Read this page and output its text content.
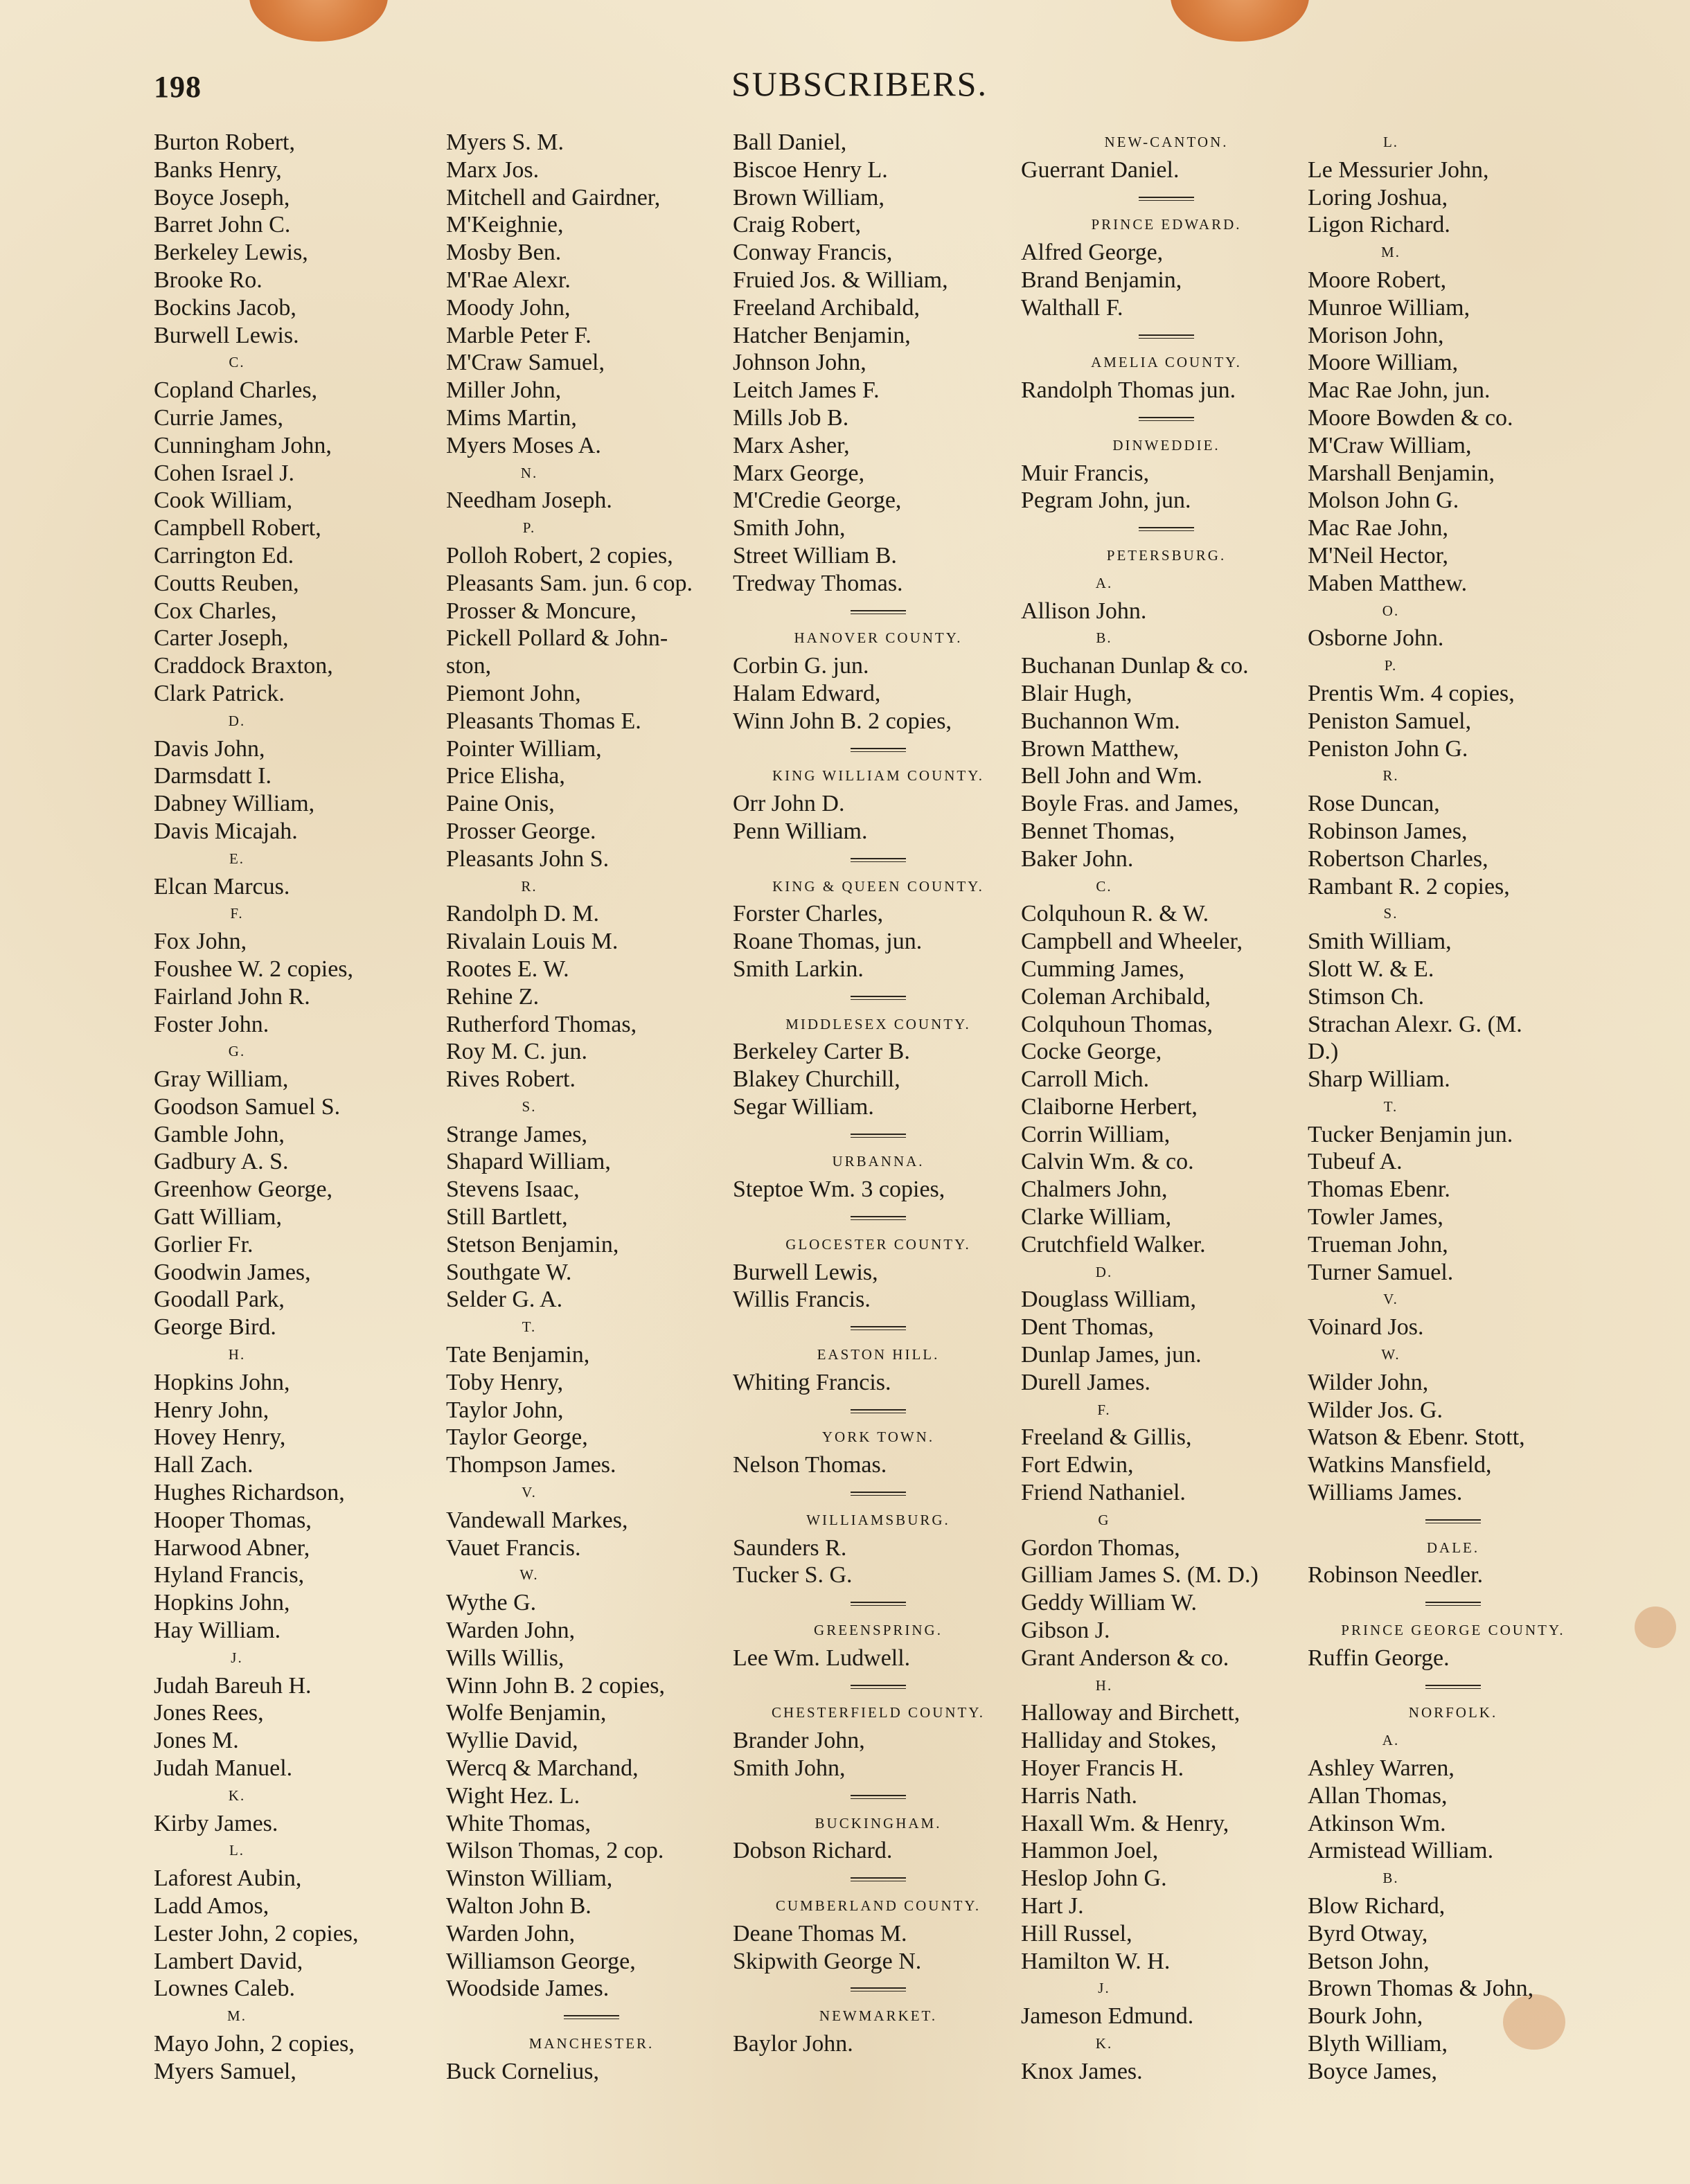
198	SUBSCRIBERS.
Burton Robert,
Banks Henry,
Boyce Joseph,
Barret John C.
Berkeley Lewis,
Brooke Ro.
Bockins Jacob,
Burwell Lewis.
C.
Copland Charles,
Currie James,
Cunningham John,
Cohen Israel J.
Cook William,
Campbell Robert,
Carrington Ed.
Coutts Reuben,
Cox Charles,
Carter Joseph,
Craddock Braxton,
Clark Patrick.
D.
Davis John,
Darmsdatt I.
Dabney William,
Davis Micajah.
E.
Elcan Marcus.
F.
Fox John,
Foushee W. 2 copies,
Fairland John R.
Foster John.
G.
Gray William,
Goodson Samuel S.
Gamble John,
Gadbury A. S.
Greenhow George,
Gatt William,
Gorlier Fr.
Goodwin James,
Goodall Park,
George Bird.
H.
Hopkins John,
Henry John,
Hovey Henry,
Hall Zach.
Hughes Richardson,
Hooper Thomas,
Harwood Abner,
Hyland Francis,
Hopkins John,
Hay William.
J.
Judah Bareuh H.
Jones Rees,
Jones M.
Judah Manuel.
K.
Kirby James.
L.
Laforest Aubin,
Ladd Amos,
Lester John, 2 copies,
Lambert David,
Lownes Caleb.
M.
Mayo John, 2 copies,
Myers Samuel,
Myers S. M.
Marx Jos.
Mitchell and Gairdner,
M'Keighnie,
Mosby Ben.
M'Rae Alexr.
Moody John,
Marble Peter F.
M'Craw Samuel,
Miller John,
Mims Martin,
Myers Moses A.
N.
Needham Joseph.
P.
Polloh Robert, 2 copies,
Pleasants Sam. jun. 6 cop.
Prosser & Moncure,
Pickell Pollard & John-
ston,
Piemont John,
Pleasants Thomas E.
Pointer William,
Price Elisha,
Paine Onis,
Prosser George.
Pleasants John S.
R.
Randolph D. M.
Rivalain Louis M.
Rootes E. W.
Rehine Z.
Rutherford Thomas,
Roy M. C. jun.
Rives Robert.
S.
Strange James,
Shapard William,
Stevens Isaac,
Still Bartlett,
Stetson Benjamin,
Southgate W.
Selder G. A.
T.
Tate Benjamin,
Toby Henry,
Taylor John,
Taylor George,
Thompson James.
V.
Vandewall Markes,
Vauet Francis.
W.
Wythe G.
Warden John,
Wills Willis,
Winn John B. 2 copies,
Wolfe Benjamin,
Wyllie David,
Wercq & Marchand,
Wight Hez. L.
White Thomas,
Wilson Thomas, 2 cop.
Winston William,
Walton John B.
Warden John,
Williamson George,
Woodside James.
MANCHESTER.
Buck Cornelius,
Ball Daniel,
Biscoe Henry L.
Brown William,
Craig Robert,
Conway Francis,
Fruied Jos. & William,
Freeland Archibald,
Hatcher Benjamin,
Johnson John,
Leitch James F.
Mills Job B.
Marx Asher,
Marx George,
M'Credie George,
Smith John,
Street William B.
Tredway Thomas.
HANOVER COUNTY.
Corbin G. jun.
Halam Edward,
Winn John B. 2 copies,
KING WILLIAM COUNTY.
Orr John D.
Penn William.
KING & QUEEN COUNTY.
Forster Charles,
Roane Thomas, jun.
Smith Larkin.
MIDDLESEX COUNTY.
Berkeley Carter B.
Blakey Churchill,
Segar William.
URBANNA.
Steptoe Wm. 3 copies,
GLOCESTER COUNTY.
Burwell Lewis,
Willis Francis.
EASTON HILL.
Whiting Francis.
YORK TOWN.
Nelson Thomas.
WILLIAMSBURG.
Saunders R.
Tucker S. G.
GREENSPRING.
Lee Wm. Ludwell.
CHESTERFIELD COUNTY.
Brander John,
Smith John,
BUCKINGHAM.
Dobson Richard.
CUMBERLAND COUNTY.
Deane Thomas M.
Skipwith George N.
NEWMARKET.
Baylor John.
NEW-CANTON.
Guerrant Daniel.
PRINCE EDWARD.
Alfred George,
Brand Benjamin,
Walthall F.
AMELIA COUNTY.
Randolph Thomas jun.
DINWEDDIE.
Muir Francis,
Pegram John, jun.
PETERSBURG.
A.
Allison John.
B.
Buchanan Dunlap & co.
Blair Hugh,
Buchannon Wm.
Brown Matthew,
Bell John and Wm.
Boyle Fras. and James,
Bennet Thomas,
Baker John.
C.
Colquhoun R. & W.
Campbell and Wheeler,
Cumming James,
Coleman Archibald,
Colquhoun Thomas,
Cocke George,
Carroll Mich.
Claiborne Herbert,
Corrin William,
Calvin Wm. & co.
Chalmers John,
Clarke William,
Crutchfield Walker.
D.
Douglass William,
Dent Thomas,
Dunlap James, jun.
Durell James.
F.
Freeland & Gillis,
Fort Edwin,
Friend Nathaniel.
G
Gordon Thomas,
Gilliam James S. (M. D.)
Geddy William W.
Gibson J.
Grant Anderson & co.
H.
Halloway and Birchett,
Halliday and Stokes,
Hoyer Francis H.
Harris Nath.
Haxall Wm. & Henry,
Hammon Joel,
Heslop John G.
Hart J.
Hill Russel,
Hamilton W. H.
J.
Jameson Edmund.
K.
Knox James.
L.
Le Messurier John,
Loring Joshua,
Ligon Richard.
M.
Moore Robert,
Munroe William,
Morison John,
Moore William,
Mac Rae John, jun.
Moore Bowden & co.
M'Craw William,
Marshall Benjamin,
Molson John G.
Mac Rae John,
M'Neil Hector,
Maben Matthew.
O.
Osborne John.
P.
Prentis Wm. 4 copies,
Peniston Samuel,
Peniston John G.
R.
Rose Duncan,
Robinson James,
Robertson Charles,
Rambant R. 2 copies,
S.
Smith William,
Slott W. & E.
Stimson Ch.
Strachan Alexr. G. (M.
D.)
Sharp William.
T.
Tucker Benjamin jun.
Tubeuf A.
Thomas Ebenr.
Towler James,
Trueman John,
Turner Samuel.
V.
Voinard Jos.
W.
Wilder John,
Wilder Jos. G.
Watson & Ebenr. Stott,
Watkins Mansfield,
Williams James.
DALE.
Robinson Needler.
PRINCE GEORGE COUNTY.
Ruffin George.
NORFOLK.
A.
Ashley Warren,
Allan Thomas,
Atkinson Wm.
Armistead William.
B.
Blow Richard,
Byrd Otway,
Betson John,
Brown Thomas & John,
Bourk John,
Blyth William,
Boyce James,
